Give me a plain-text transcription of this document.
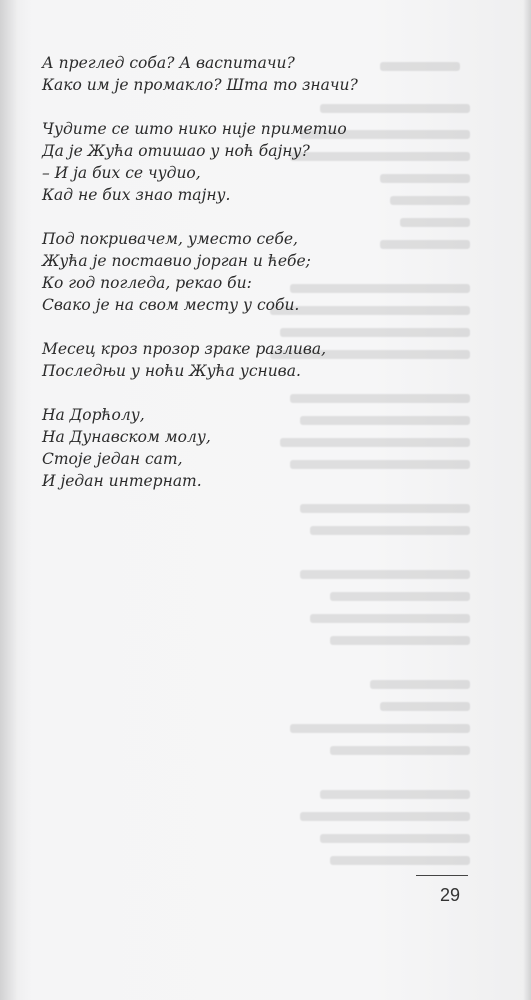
А преглед соба? А васпитачи?
Како им је промакло? Шта то значи?
Чудите се што нико није приметио
Да је Жућа отишао у ноћ бајну?
– И ја бих се чудио,
Кад не бих знао тајну.
Под покривачем, уместо себе,
Жућа је поставио јорган и ћебе;
Ко год погледа, рекао би:
Свако је на свом месту у соби.
Месец кроз прозор зраке разлива,
Последњи у ноћи Жућа уснива.
На Дорћолу,
На Дунавском молу,
Стоје један сат,
И један интернат.
29
